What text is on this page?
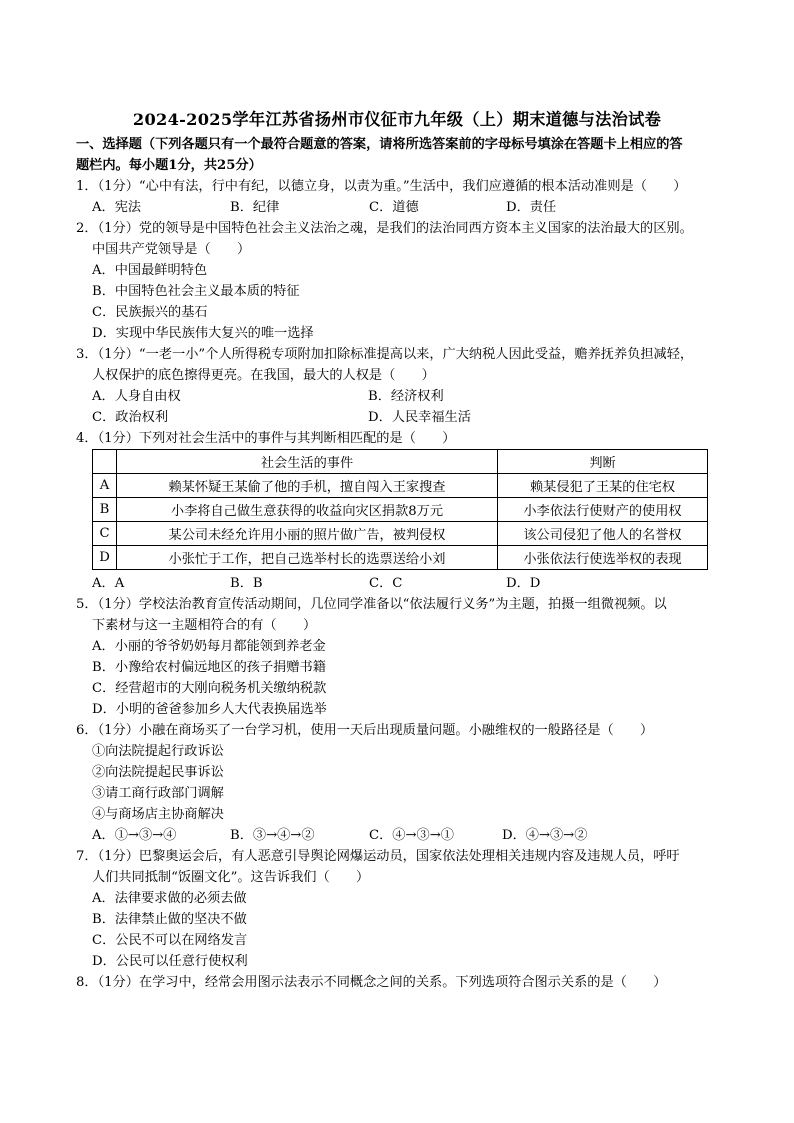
2024-2025学年江苏省扬州市仪征市九年级（上）期末道德与法治试卷
一、选择题（下列各题只有一个最符合题意的答案，请将所选答案前的字母标号填涂在答题卡上相应的答
题栏内。每小题1分，共25分）
1．（1分）“心中有法，行中有纪，以德立身，以责为重。”生活中，我们应遵循的根本活动准则是（　　）
A．宪法	B．纪律	C．道德	D．责任
2．（1分）党的领导是中国特色社会主义法治之魂，是我们的法治同西方资本主义国家的法治最大的区别。
中国共产党领导是（　　）
A．中国最鲜明特色
B．中国特色社会主义最本质的特征
C．民族振兴的基石
D．实现中华民族伟大复兴的唯一选择
3．（1分）“一老一小”个人所得税专项附加扣除标准提高以来，广大纳税人因此受益，赡养抚养负担减轻，
人权保护的底色擦得更亮。在我国，最大的人权是（　　）
A．人身自由权	B．经济权利
C．政治权利	D．人民幸福生活
4．（1分）下列对社会生活中的事件与其判断相匹配的是（　　）
	社会生活的事件	判断
A	赖某怀疑王某偷了他的手机，擅自闯入王家搜查	赖某侵犯了王某的住宅权
B	小李将自己做生意获得的收益向灾区捐款8万元	小李依法行使财产的使用权
C	某公司未经允许用小丽的照片做广告，被判侵权	该公司侵犯了他人的名誉权
D	小张忙于工作，把自己选举村长的选票送给小刘	小张依法行使选举权的表现
A．A	B．B	C．C	D．D
5．（1分）学校法治教育宣传活动期间，几位同学准备以“依法履行义务”为主题，拍摄一组微视频。以
下素材与这一主题相符合的有（　　）
A．小丽的爷爷奶奶每月都能领到养老金
B．小豫给农村偏远地区的孩子捐赠书籍
C．经营超市的大刚向税务机关缴纳税款
D．小明的爸爸参加乡人大代表换届选举
6．（1分）小融在商场买了一台学习机，使用一天后出现质量问题。小融维权的一般路径是（　　）
①向法院提起行政诉讼
②向法院提起民事诉讼
③请工商行政部门调解
④与商场店主协商解决
A．①→③→④	B．③→④→②	C．④→③→①	D．④→③→②
7．（1分）巴黎奥运会后，有人恶意引导舆论网爆运动员，国家依法处理相关违规内容及违规人员，呼吁
人们共同抵制“饭圈文化”。这告诉我们（　　）
A．法律要求做的必须去做
B．法律禁止做的坚决不做
C．公民不可以在网络发言
D．公民可以任意行使权利
8．（1分）在学习中，经常会用图示法表示不同概念之间的关系。下列选项符合图示关系的是（　　）
